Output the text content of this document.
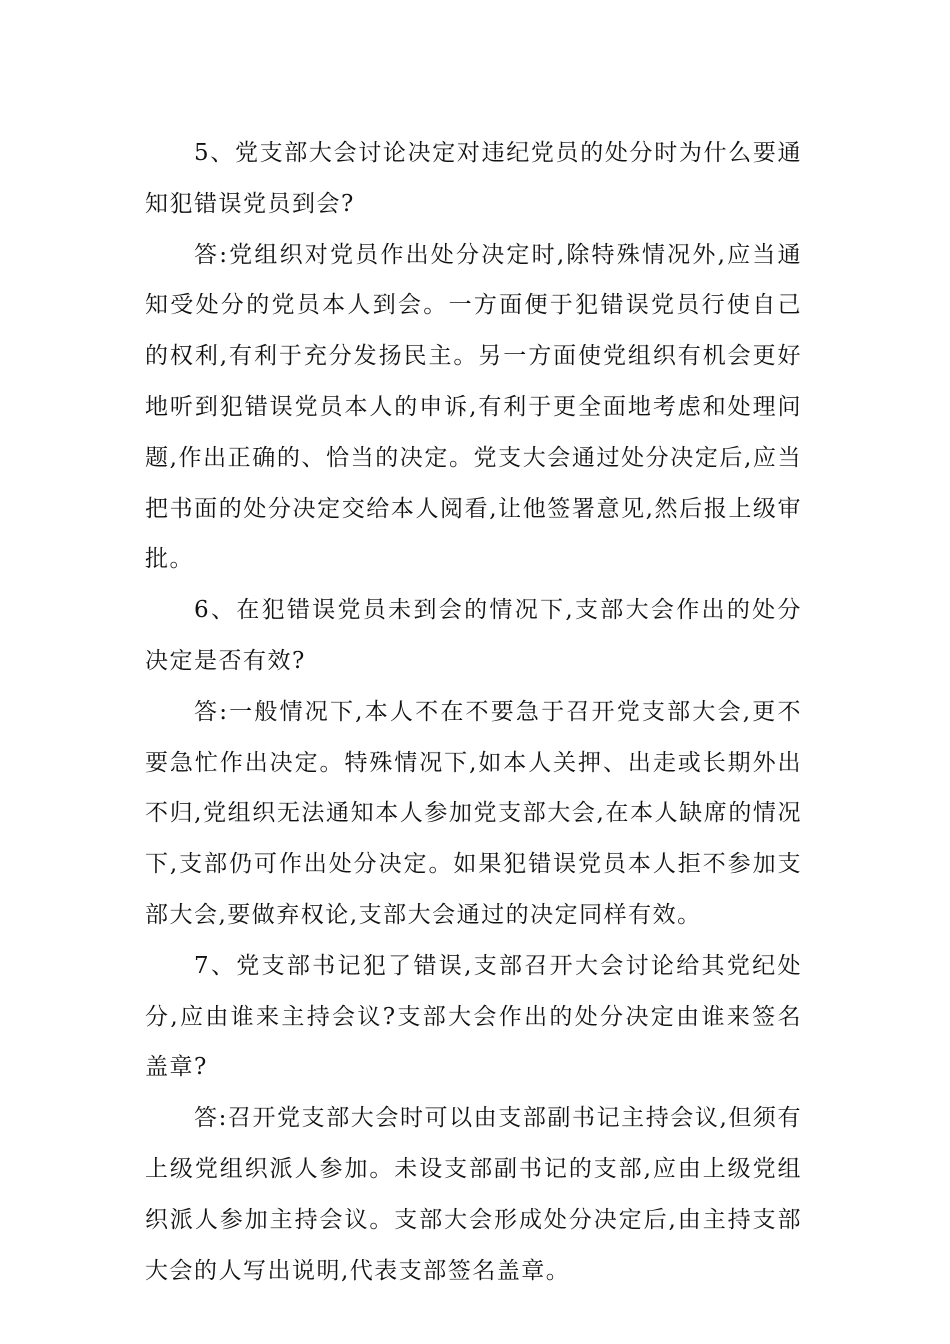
5、党支部大会讨论决定对违纪党员的处分时为什么要通知犯错误党员到会?

答:党组织对党员作出处分决定时,除特殊情况外,应当通知受处分的党员本人到会。一方面便于犯错误党员行使自己的权利,有利于充分发扬民主。另一方面使党组织有机会更好地听到犯错误党员本人的申诉,有利于更全面地考虑和处理问题,作出正确的、恰当的决定。党支大会通过处分决定后,应当把书面的处分决定交给本人阅看,让他签署意见,然后报上级审批。

6、在犯错误党员未到会的情况下,支部大会作出的处分决定是否有效?

答:一般情况下,本人不在不要急于召开党支部大会,更不要急忙作出决定。特殊情况下,如本人关押、出走或长期外出不归,党组织无法通知本人参加党支部大会,在本人缺席的情况下,支部仍可作出处分决定。如果犯错误党员本人拒不参加支部大会,要做弃权论,支部大会通过的决定同样有效。

7、党支部书记犯了错误,支部召开大会讨论给其党纪处分,应由谁来主持会议?支部大会作出的处分决定由谁来签名盖章?

答:召开党支部大会时可以由支部副书记主持会议,但须有上级党组织派人参加。未设支部副书记的支部,应由上级党组织派人参加主持会议。支部大会形成处分决定后,由主持支部大会的人写出说明,代表支部签名盖章。
